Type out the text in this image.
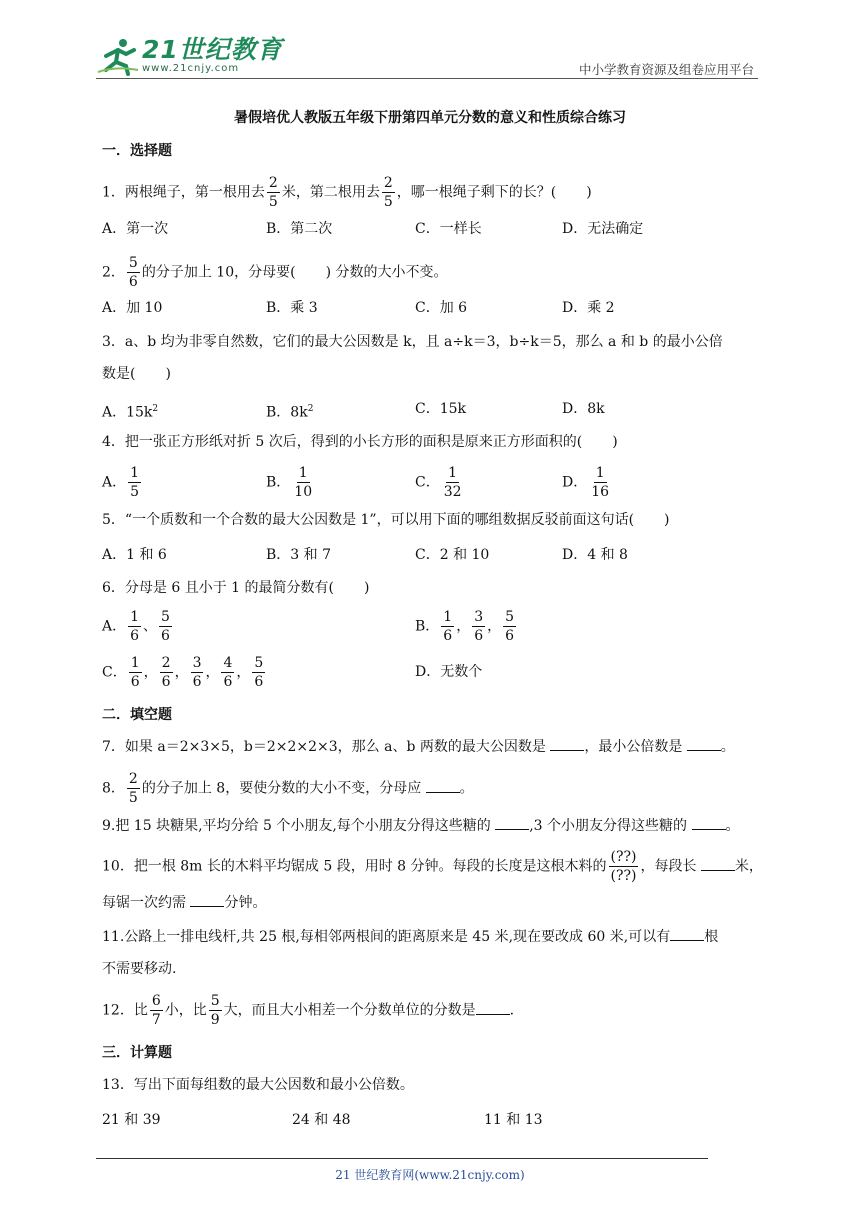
21世纪教育
www.21cnjy.com	中小学教育资源及组卷应用平台
暑假培优人教版五年级下册第四单元分数的意义和性质综合练习
一．选择题
1．两根绳子，第一根用去 $\frac{2}{5}$ 米，第二根用去 $\frac{2}{5}$ ，哪一根绳子剩下的长？( )
A．第一次	B．第二次	C．一样长	D．无法确定
2． $\frac{5}{6}$ 的分子加上 10，分母要( ) 分数的大小不变。
A．加 10	B．乘 3	C．加 6	D．乘 2
3．a、b 均为非零自然数，它们的最大公因数是 k，且 a÷k＝3，b÷k＝5，那么 a 和 b 的最小公倍
数是( )
A．$15k^2$	B．$8k^2$	C．15k	D．8k
4．把一张正方形纸对折 5 次后，得到的小长方形的面积是原来正方形面积的( )
A． $\frac{1}{5}$	B． $\frac{1}{10}$	C． $\frac{1}{32}$	D． $\frac{1}{16}$
5．“一个质数和一个合数的最大公因数是 1”，可以用下面的哪组数据反驳前面这句话( )
A．1 和 6	B．3 和 7	C．2 和 10	D．4 和 8
6．分母是 6 且小于 1 的最简分数有( )
A． $\frac{1}{6}$ 、 $\frac{5}{6}$	B． $\frac{1}{6}$ ， $\frac{3}{6}$ ， $\frac{5}{6}$
C． $\frac{1}{6}$ ， $\frac{2}{6}$ ， $\frac{3}{6}$ ， $\frac{4}{6}$ ， $\frac{5}{6}$	D．无数个
二．填空题
7．如果 a＝2×3×5，b＝2×2×2×3，那么 a、b 两数的最大公因数是	，最小公倍数是	。
8． $\frac{2}{5}$ 的分子加上 8，要使分数的大小不变，分母应	。
9.把 15 块糖果,平均分给 5 个小朋友,每个小朋友分得这些糖的	,3 个小朋友分得这些糖的	。
10．把一根 8m 长的木料平均锯成 5 段，用时 8 分钟。每段的长度是这根木料的 $\frac{(??)}{(??)}$ ，每段长	米，
每锯一次约需	分钟。
11.公路上一排电线杆,共 25 根,每相邻两根间的距离原来是 45 米,现在要改成 60 米,可以有 根
不需要移动.
12．比 $\frac{6}{7}$ 小，比 $\frac{5}{9}$ 大，而且大小相差一个分数单位的分数是 .
三．计算题
13．写出下面每组数的最大公因数和最小公倍数。
21 和 39	24 和 48	11 和 13
21 世纪教育网(www.21cnjy.com)
